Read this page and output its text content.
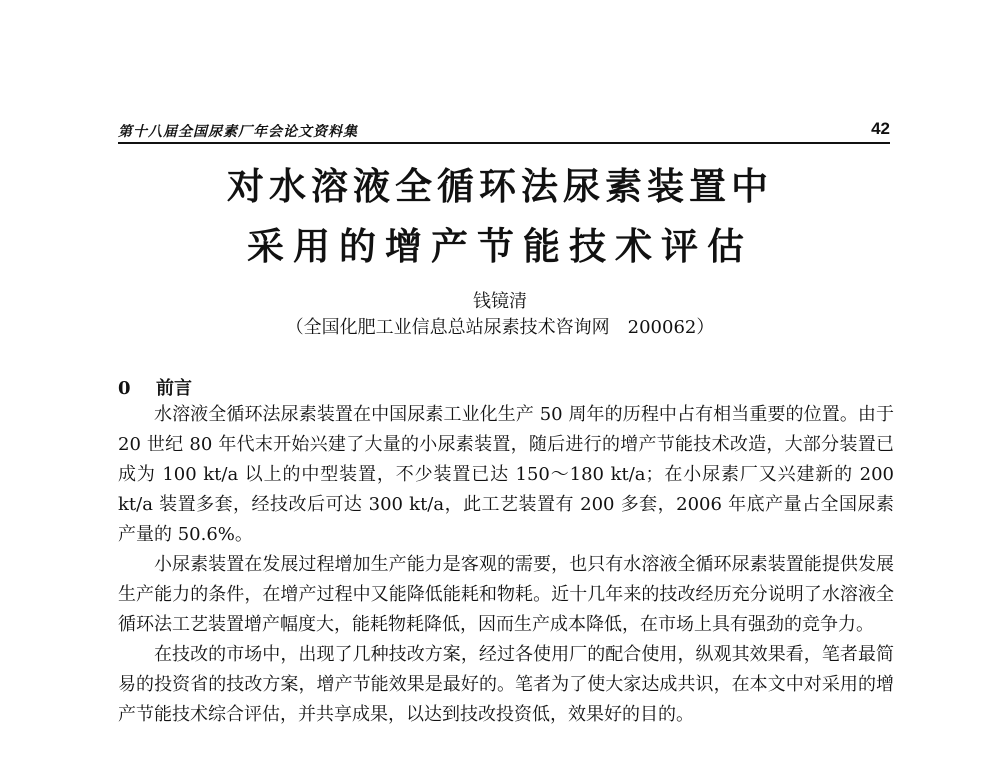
第十八届全国尿素厂年会论文资料集	42
对水溶液全循环法尿素装置中
采用的增产节能技术评估
钱镜清
（全国化肥工业信息总站尿素技术咨询网　200062）
0 前言

水溶液全循环法尿素装置在中国尿素工业化生产 50 周年的历程中占有相当重要的位置。由于 20 世纪 80 年代末开始兴建了大量的小尿素装置，随后进行的增产节能技术改造，大部分装置已成为 100 kt/a 以上的中型装置，不少装置已达 150～180 kt/a；在小尿素厂又兴建新的 200 kt/a 装置多套，经技改后可达 300 kt/a，此工艺装置有 200 多套，2006 年底产量占全国尿素产量的 50.6%。

小尿素装置在发展过程增加生产能力是客观的需要，也只有水溶液全循环尿素装置能提供发展生产能力的条件，在增产过程中又能降低能耗和物耗。近十几年来的技改经历充分说明了水溶液全循环法工艺装置增产幅度大，能耗物耗降低，因而生产成本降低，在市场上具有强劲的竞争力。

在技改的市场中，出现了几种技改方案，经过各使用厂的配合使用，纵观其效果看，笔者最简易的投资省的技改方案，增产节能效果是最好的。笔者为了使大家达成共识，在本文中对采用的增产节能技术综合评估，并共享成果，以达到技改投资低，效果好的目的。
